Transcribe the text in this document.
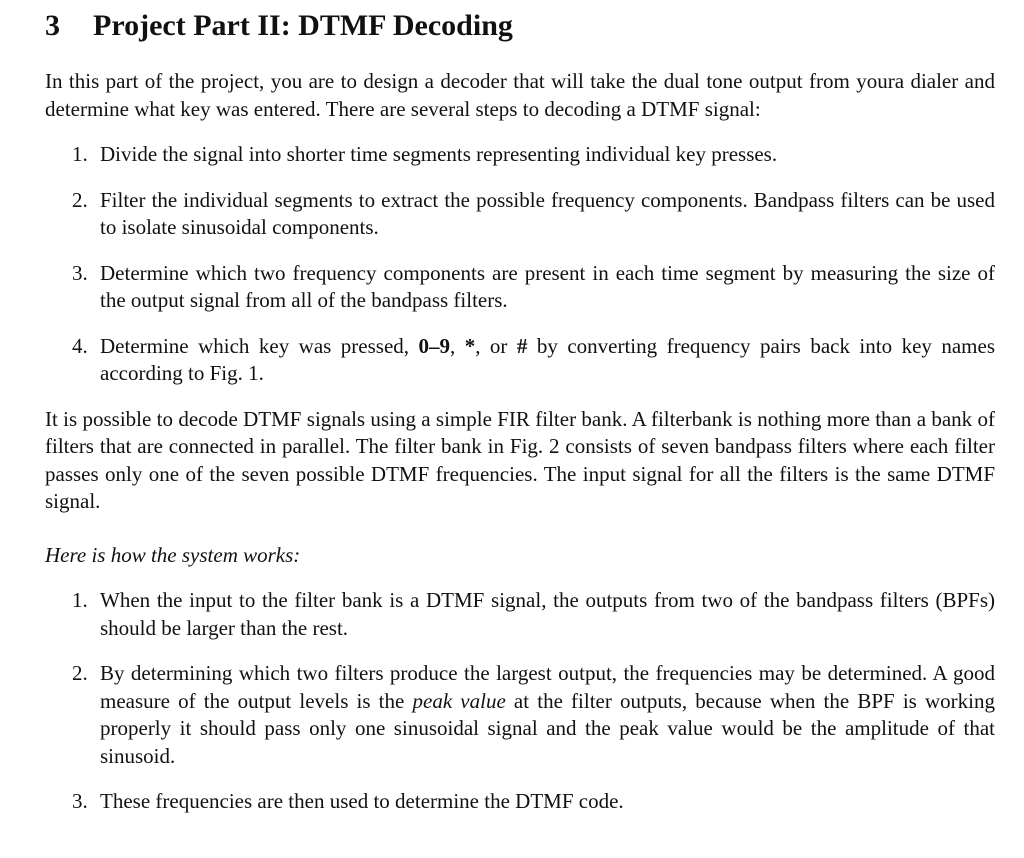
3 Project Part II: DTMF Decoding

In this part of the project, you are to design a decoder that will take the dual tone output from youra dialer and determine what key was entered. There are several steps to decoding a DTMF signal:

1. Divide the signal into shorter time segments representing individual key presses.
2. Filter the individual segments to extract the possible frequency components. Bandpass filters can be used to isolate sinusoidal components.
3. Determine which two frequency components are present in each time segment by measuring the size of the output signal from all of the bandpass filters.
4. Determine which key was pressed, 0–9, *, or # by converting frequency pairs back into key names according to Fig. 1.

It is possible to decode DTMF signals using a simple FIR filter bank. A filterbank is nothing more than a bank of filters that are connected in parallel. The filter bank in Fig. 2 consists of seven bandpass filters where each filter passes only one of the seven possible DTMF frequencies. The input signal for all the filters is the same DTMF signal.

Here is how the system works:

1. When the input to the filter bank is a DTMF signal, the outputs from two of the bandpass filters (BPFs) should be larger than the rest.
2. By determining which two filters produce the largest output, the frequencies may be determined. A good measure of the output levels is the peak value at the filter outputs, because when the BPF is working properly it should pass only one sinusoidal signal and the peak value would be the amplitude of that sinusoid.
3. These frequencies are then used to determine the DTMF code.
